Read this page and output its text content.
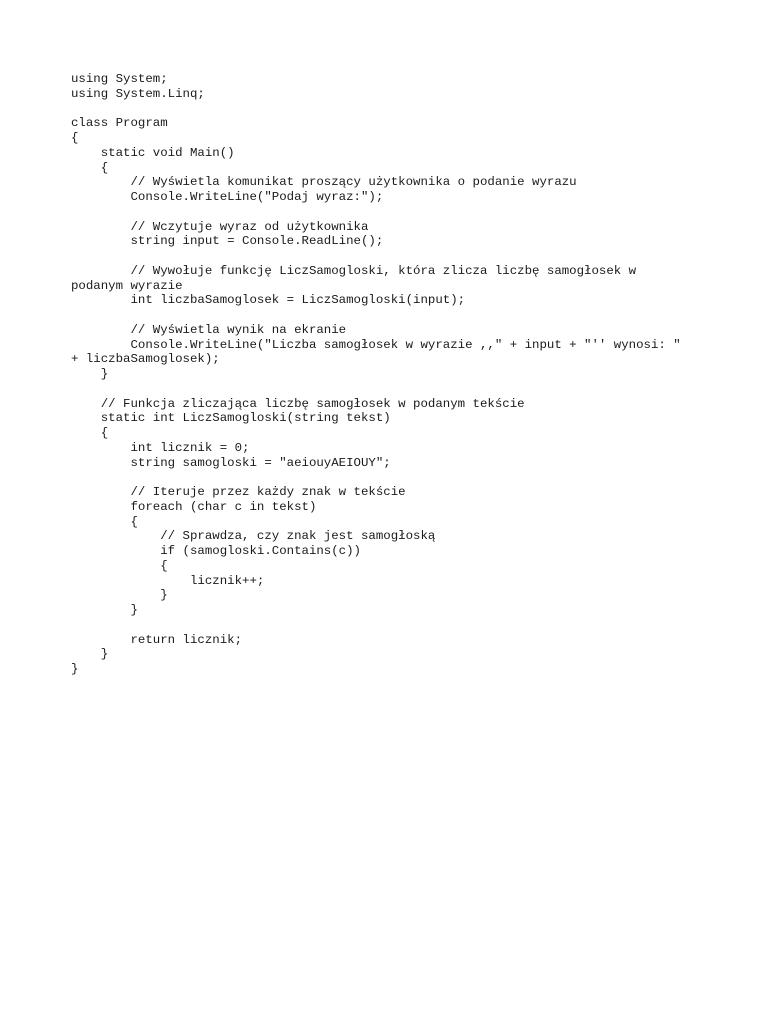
using System;
using System.Linq;
class Program
{
static void Main()
{
// Wyświetla komunikat proszący użytkownika o podanie wyrazu
Console.WriteLine("Podaj wyraz:");
// Wczytuje wyraz od użytkownika
string input = Console.ReadLine();
// Wywołuje funkcję LiczSamogloski, która zlicza liczbę samogłosek w
podanym wyrazie
int liczbaSamoglosek = LiczSamogloski(input);
// Wyświetla wynik na ekranie
Console.WriteLine("Liczba samogłosek w wyrazie ,," + input + "'' wynosi: "
+ liczbaSamoglosek);
}
// Funkcja zliczająca liczbę samogłosek w podanym tekście
static int LiczSamogloski(string tekst)
{
int licznik = 0;
string samogloski = "aeiouyAEIOUY";
// Iteruje przez każdy znak w tekście
foreach (char c in tekst)
{
// Sprawdza, czy znak jest samogłoską
if (samogloski.Contains(c))
{
licznik++;
}
}
return licznik;
}
}
